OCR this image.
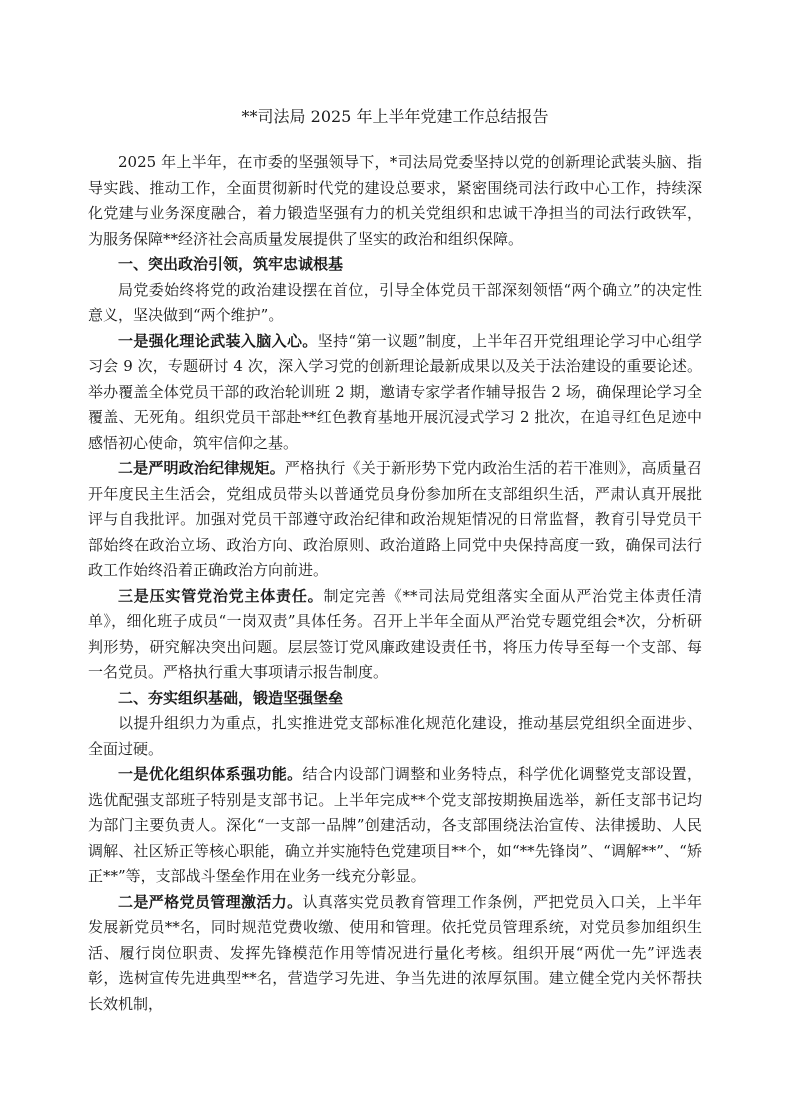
**司法局 2025 年上半年党建工作总结报告

2025 年上半年，在市委的坚强领导下，*司法局党委坚持以党的创新理论武装头脑、指导实践、推动工作，全面贯彻新时代党的建设总要求，紧密围绕司法行政中心工作，持续深化党建与业务深度融合，着力锻造坚强有力的机关党组织和忠诚干净担当的司法行政铁军，为服务保障**经济社会高质量发展提供了坚实的政治和组织保障。

一、突出政治引领，筑牢忠诚根基

局党委始终将党的政治建设摆在首位，引导全体党员干部深刻领悟“两个确立”的决定性意义，坚决做到“两个维护”。

一是强化理论武装入脑入心。坚持“第一议题”制度，上半年召开党组理论学习中心组学习会 9 次，专题研讨 4 次，深入学习党的创新理论最新成果以及关于法治建设的重要论述。举办覆盖全体党员干部的政治轮训班 2 期，邀请专家学者作辅导报告 2 场，确保理论学习全覆盖、无死角。组织党员干部赴**红色教育基地开展沉浸式学习 2 批次，在追寻红色足迹中感悟初心使命，筑牢信仰之基。

二是严明政治纪律规矩。严格执行《关于新形势下党内政治生活的若干准则》，高质量召开年度民主生活会，党组成员带头以普通党员身份参加所在支部组织生活，严肃认真开展批评与自我批评。加强对党员干部遵守政治纪律和政治规矩情况的日常监督，教育引导党员干部始终在政治立场、政治方向、政治原则、政治道路上同党中央保持高度一致，确保司法行政工作始终沿着正确政治方向前进。

三是压实管党治党主体责任。制定完善《**司法局党组落实全面从严治党主体责任清单》，细化班子成员“一岗双责”具体任务。召开上半年全面从严治党专题党组会*次，分析研判形势，研究解决突出问题。层层签订党风廉政建设责任书，将压力传导至每一个支部、每一名党员。严格执行重大事项请示报告制度。

二、夯实组织基础，锻造坚强堡垒

以提升组织力为重点，扎实推进党支部标准化规范化建设，推动基层党组织全面进步、全面过硬。

一是优化组织体系强功能。结合内设部门调整和业务特点，科学优化调整党支部设置，选优配强支部班子特别是支部书记。上半年完成**个党支部按期换届选举，新任支部书记均为部门主要负责人。深化“一支部一品牌”创建活动，各支部围绕法治宣传、法律援助、人民调解、社区矫正等核心职能，确立并实施特色党建项目**个，如“**先锋岗”、“调解**”、“矫正**”等，支部战斗堡垒作用在业务一线充分彰显。

二是严格党员管理激活力。认真落实党员教育管理工作条例，严把党员入口关，上半年发展新党员**名，同时规范党费收缴、使用和管理。依托党员管理系统，对党员参加组织生活、履行岗位职责、发挥先锋模范作用等情况进行量化考核。组织开展“两优一先”评选表彰，选树宣传先进典型**名，营造学习先进、争当先进的浓厚氛围。建立健全党内关怀帮扶长效机制，
